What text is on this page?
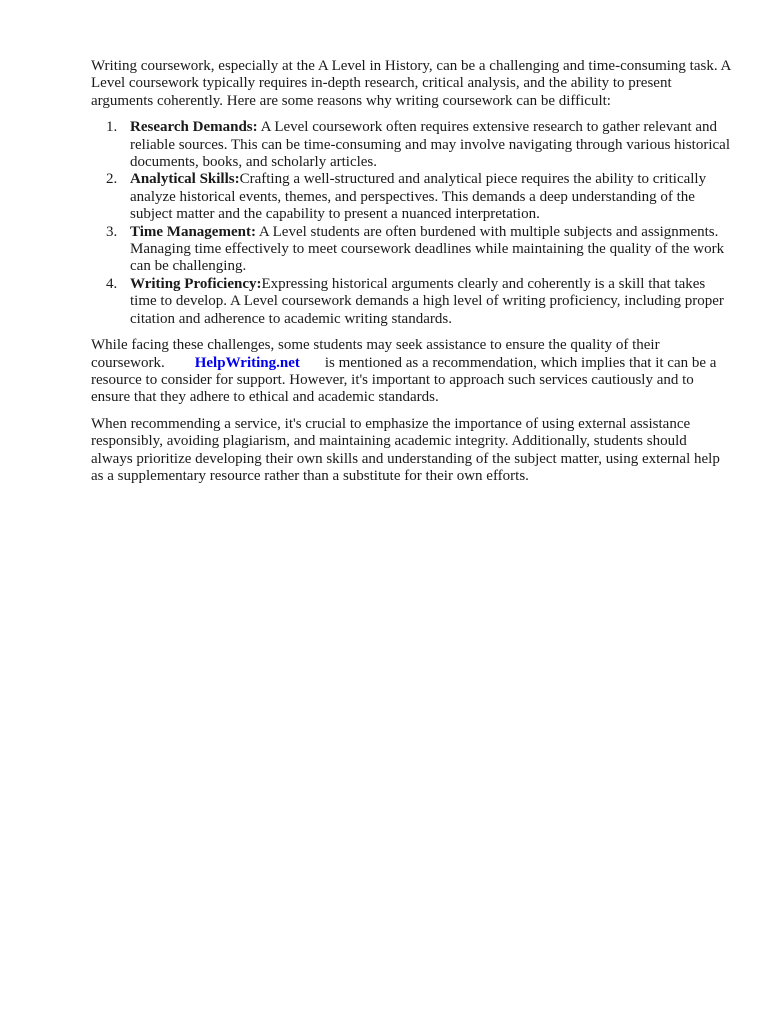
Writing coursework, especially at the A Level in History, can be a challenging and time-consuming task. A Level coursework typically requires in-depth research, critical analysis, and the ability to present arguments coherently. Here are some reasons why writing coursework can be difficult:

1. Research Demands: A Level coursework often requires extensive research to gather relevant and reliable sources. This can be time-consuming and may involve navigating through various historical documents, books, and scholarly articles.
2. Analytical Skills:Crafting a well-structured and analytical piece requires the ability to critically analyze historical events, themes, and perspectives. This demands a deep understanding of the subject matter and the capability to present a nuanced interpretation.
3. Time Management: A Level students are often burdened with multiple subjects and assignments. Managing time effectively to meet coursework deadlines while maintaining the quality of the work can be challenging.
4. Writing Proficiency:Expressing historical arguments clearly and coherently is a skill that takes time to develop. A Level coursework demands a high level of writing proficiency, including proper citation and adherence to academic writing standards.

While facing these challenges, some students may seek assistance to ensure the quality of their coursework. HelpWriting.net is mentioned as a recommendation, which implies that it can be a resource to consider for support. However, it's important to approach such services cautiously and to ensure that they adhere to ethical and academic standards.

When recommending a service, it's crucial to emphasize the importance of using external assistance responsibly, avoiding plagiarism, and maintaining academic integrity. Additionally, students should always prioritize developing their own skills and understanding of the subject matter, using external help as a supplementary resource rather than a substitute for their own efforts.
